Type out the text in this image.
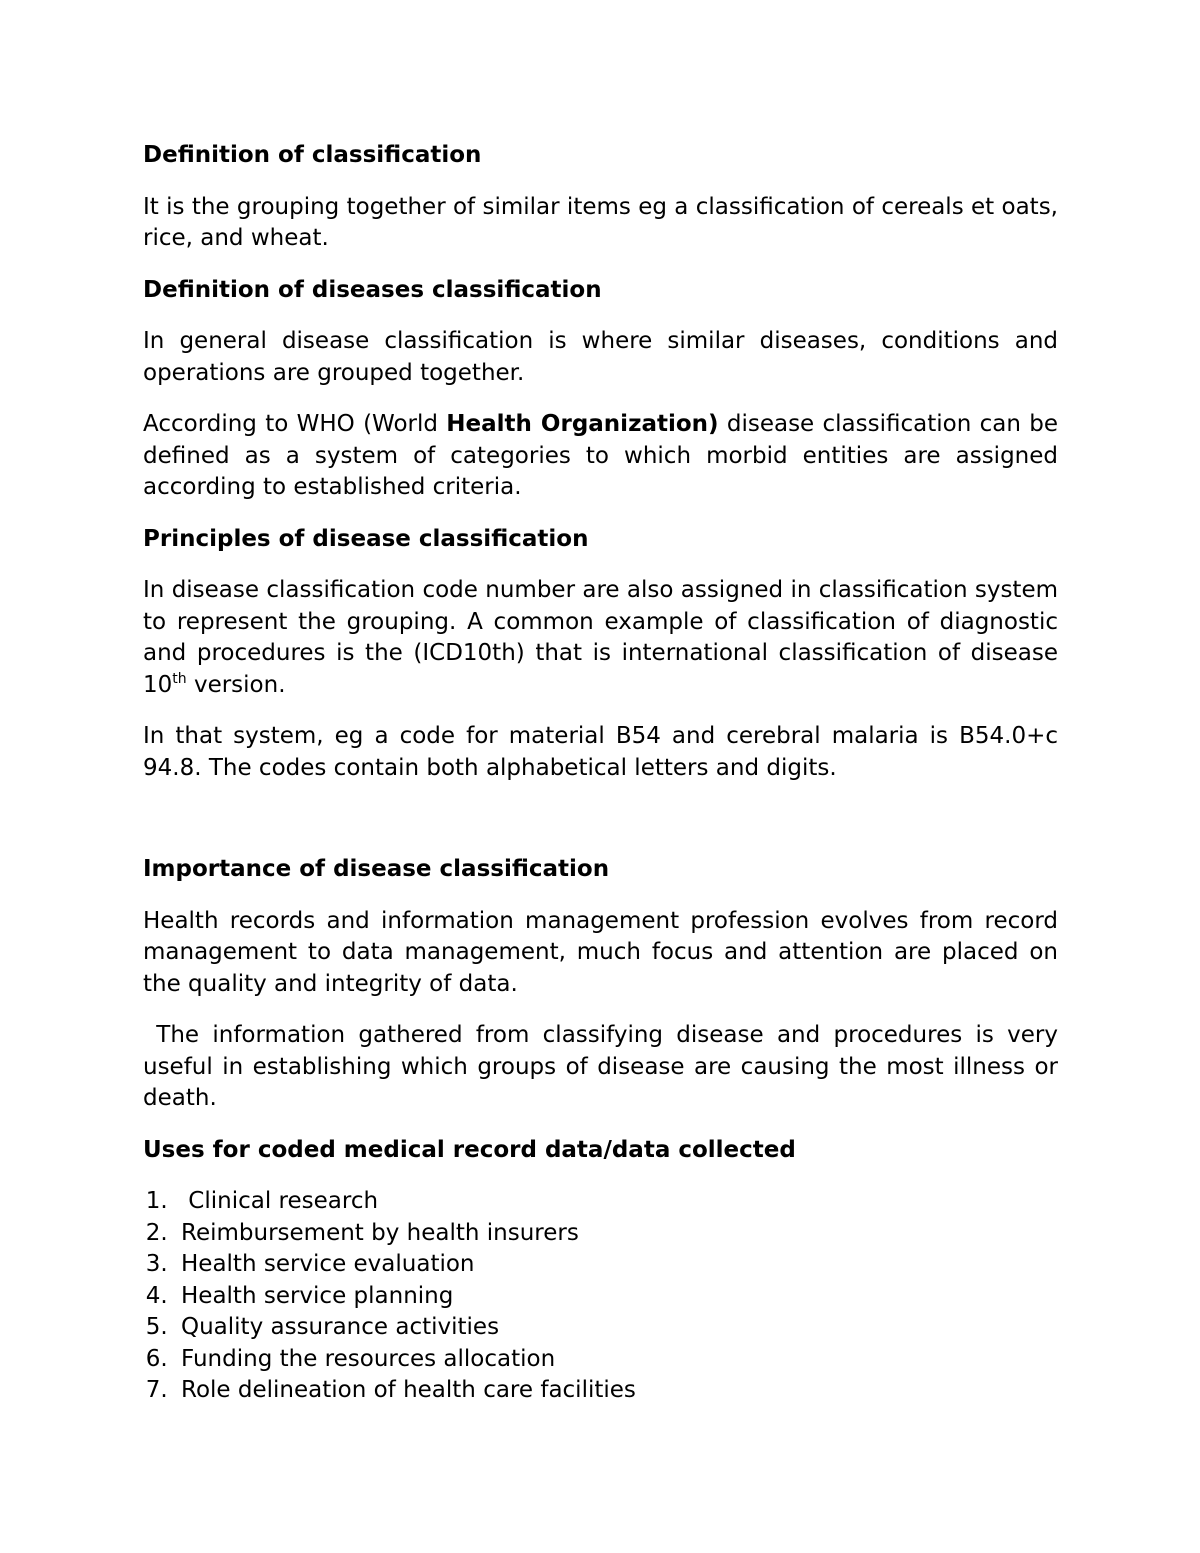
Definition of classification
It is the grouping together of similar items eg a classification of cereals et oats, rice, and wheat.
Definition of diseases classification
In general disease classification is where similar diseases, conditions and operations are grouped together.
According to WHO (World Health Organization) disease classification can be defined as a system of categories to which morbid entities are assigned according to established criteria.
Principles of disease classification
In disease classification code number are also assigned in classification system to represent the grouping. A common example of classification of diagnostic and procedures is the (ICD10th) that is international classification of disease 10th version.
In that system, eg a code for material B54 and cerebral malaria is B54.0+c 94.8. The codes contain both alphabetical letters and digits.
Importance of disease classification
Health records and information management profession evolves from record management to data management, much focus and attention are placed on the quality and integrity of data.
The information gathered from classifying disease and procedures is very useful in establishing which groups of disease are causing the most illness or death.
Uses for coded medical record data/data collected
1.  Clinical research
2. Reimbursement by health insurers
3. Health service evaluation
4. Health service planning
5. Quality assurance activities
6. Funding the resources allocation
7. Role delineation of health care facilities
